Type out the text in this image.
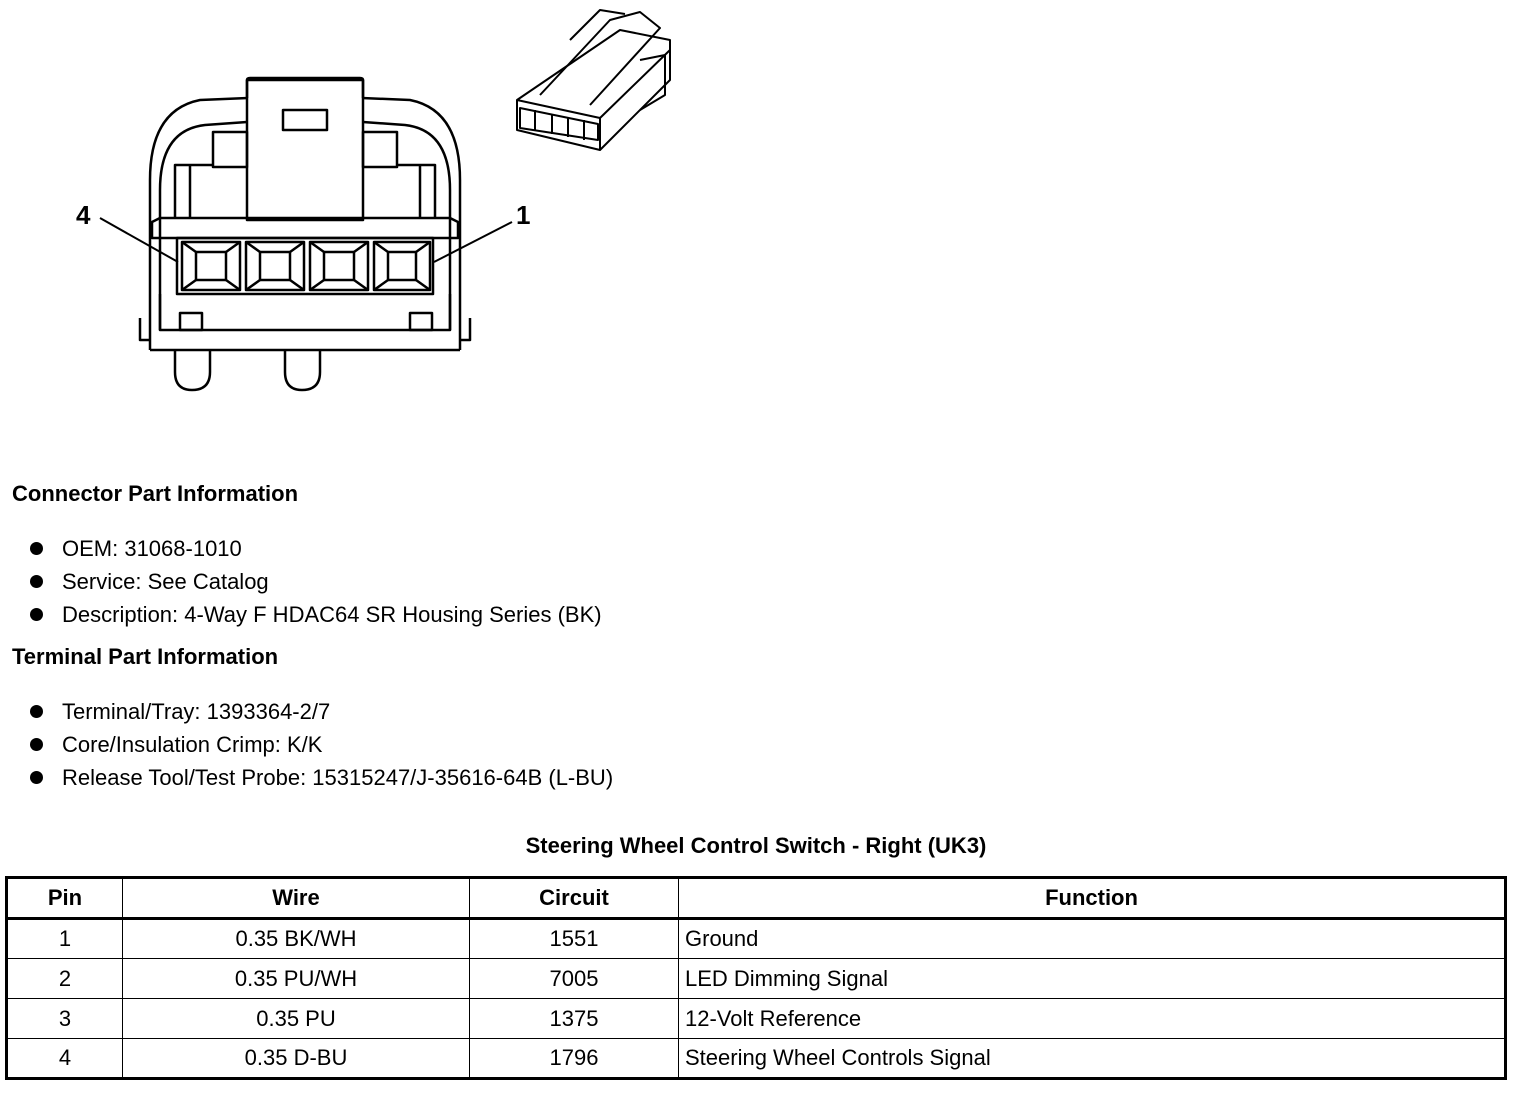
4	1
Connector Part Information
OEM: 31068-1010
Service: See Catalog
Description: 4-Way F HDAC64 SR Housing Series (BK)
Terminal Part Information
Terminal/Tray: 1393364-2/7
Core/Insulation Crimp: K/K
Release Tool/Test Probe: 15315247/J-35616-64B (L-BU)
Steering Wheel Control Switch - Right (UK3)
Pin	Wire	Circuit	Function
1	0.35 BK/WH	1551	Ground
2	0.35 PU/WH	7005	LED Dimming Signal
3	0.35 PU	1375	12-Volt Reference
4	0.35 D-BU	1796	Steering Wheel Controls Signal
